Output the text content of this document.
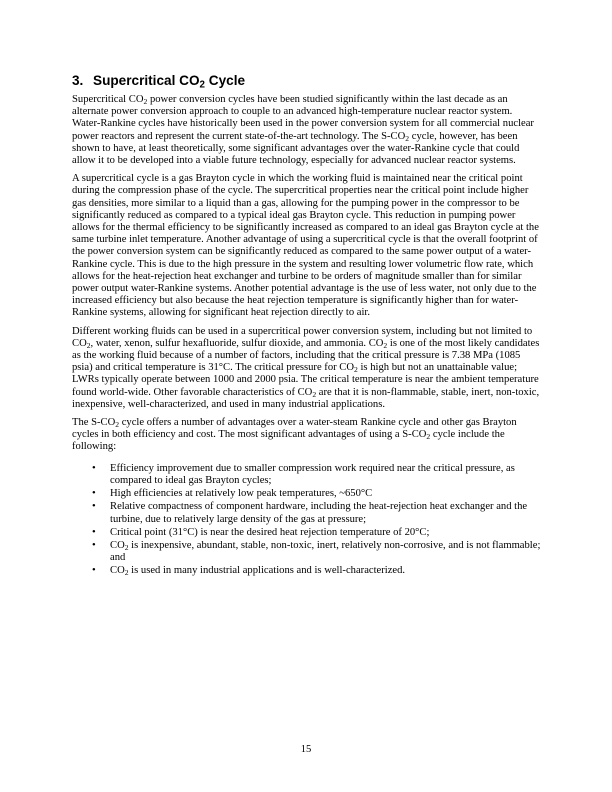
3. Supercritical $CO_2$ Cycle

Supercritical $CO_2$ power conversion cycles have been studied significantly within the last decade as an alternate power conversion approach to couple to an advanced high-temperature nuclear reactor system. Water-Rankine cycles have historically been used in the power conversion system for all commercial nuclear power reactors and represent the current state-of-the-art technology. The $S-CO_2$ cycle, however, has been shown to have, at least theoretically, some significant advantages over the water-Rankine cycle that could allow it to be developed into a viable future technology, especially for advanced nuclear reactor systems.

A supercritical cycle is a gas Brayton cycle in which the working fluid is maintained near the critical point during the compression phase of the cycle. The supercritical properties near the critical point include higher gas densities, more similar to a liquid than a gas, allowing for the pumping power in the compressor to be significantly reduced as compared to a typical ideal gas Brayton cycle. This reduction in pumping power allows for the thermal efficiency to be significantly increased as compared to an ideal gas Brayton cycle at the same turbine inlet temperature. Another advantage of using a supercritical cycle is that the overall footprint of the power conversion system can be significantly reduced as compared to the same power output of a water-Rankine cycle. This is due to the high pressure in the system and resulting lower volumetric flow rate, which allows for the heat-rejection heat exchanger and turbine to be orders of magnitude smaller than for similar power output water-Rankine systems. Another potential advantage is the use of less water, not only due to the increased efficiency but also because the heat rejection temperature is significantly higher than for water-Rankine systems, allowing for significant heat rejection directly to air.

Different working fluids can be used in a supercritical power conversion system, including but not limited to $CO_2$, water, xenon, sulfur hexafluoride, sulfur dioxide, and ammonia. $CO_2$ is one of the most likely candidates as the working fluid because of a number of factors, including that the critical pressure is 7.38 MPa (1085 psia) and critical temperature is 31°C. The critical pressure for $CO_2$ is high but not an unattainable value; LWRs typically operate between 1000 and 2000 psia. The critical temperature is near the ambient temperature found world-wide. Other favorable characteristics of $CO_2$ are that it is non-flammable, stable, inert, non-toxic, inexpensive, well-characterized, and used in many industrial applications.

The $S-CO_2$ cycle offers a number of advantages over a water-steam Rankine cycle and other gas Brayton cycles in both efficiency and cost. The most significant advantages of using a $S-CO_2$ cycle include the following:

• Efficiency improvement due to smaller compression work required near the critical pressure, as compared to ideal gas Brayton cycles;
• High efficiencies at relatively low peak temperatures, ~650°C
• Relative compactness of component hardware, including the heat-rejection heat exchanger and the turbine, due to relatively large density of the gas at pressure;
• Critical point (31°C) is near the desired heat rejection temperature of 20°C;
• $CO_2$ is inexpensive, abundant, stable, non-toxic, inert, relatively non-corrosive, and is not flammable; and
• $CO_2$ is used in many industrial applications and is well-characterized.
15
